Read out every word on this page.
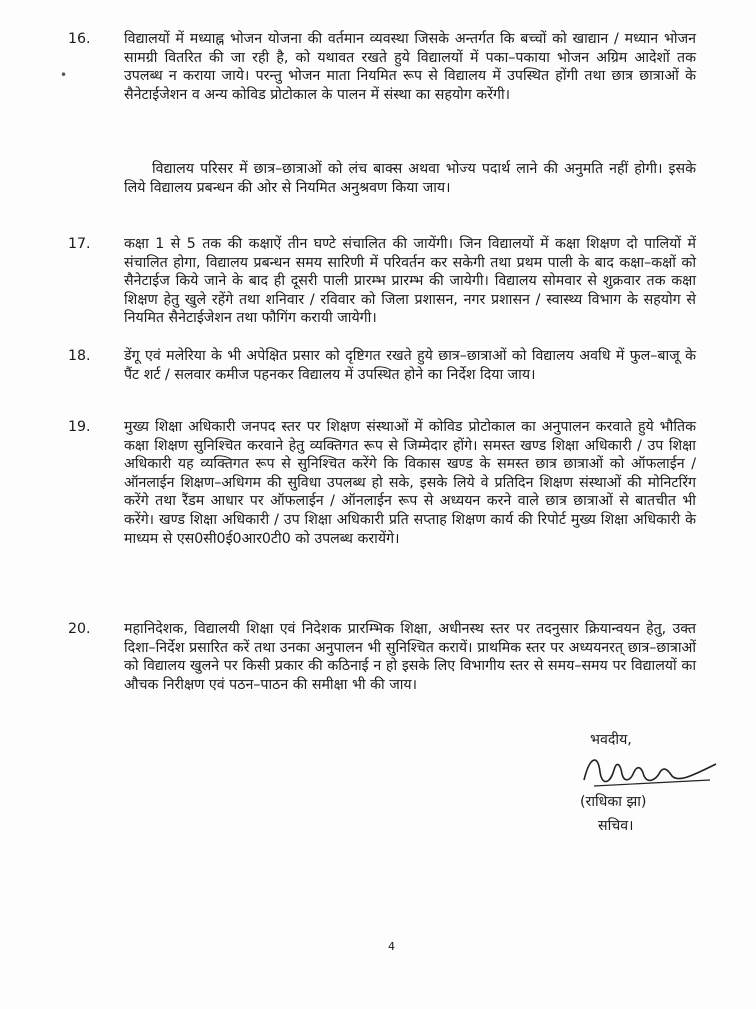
•

16. विद्यालयों में मध्याह्न भोजन योजना की वर्तमान व्यवस्था जिसके अन्तर्गत कि बच्चों को खाद्यान / मध्यान भोजन सामग्री वितरित की जा रही है, को यथावत रखते हुये विद्यालयों में पका–पकाया भोजन अग्रिम आदेशों तक उपलब्ध न कराया जाये। परन्तु भोजन माता नियमित रूप से विद्यालय में उपस्थित होंगी तथा छात्र छात्राओं के सैनेटाईजेशन व अन्य कोविड प्रोटोकाल के पालन में संस्था का सहयोग करेंगी।

विद्यालय परिसर में छात्र–छात्राओं को लंच बाक्स अथवा भोज्य पदार्थ लाने की अनुमति नहीं होगी। इसके लिये विद्यालय प्रबन्धन की ओर से नियमित अनुश्रवण किया जाय।

17. कक्षा 1 से 5 तक की कक्षाऐं तीन घण्टे संचालित की जायेंगी। जिन विद्यालयों में कक्षा शिक्षण दो पालियों में संचालित होगा, विद्यालय प्रबन्धन समय सारिणी में परिवर्तन कर सकेगी तथा प्रथम पाली के बाद कक्षा–कक्षों को सैनेटाईज किये जाने के बाद ही दूसरी पाली प्रारम्भ प्रारम्भ की जायेगी। विद्यालय सोमवार से शुक्रवार तक कक्षा शिक्षण हेतु खुले रहेंगे तथा शनिवार / रविवार को जिला प्रशासन, नगर प्रशासन / स्वास्थ्य विभाग के सहयोग से नियमित सैनेटाईजेशन तथा फौगिंग करायी जायेगी।

18. डेंगू एवं मलेरिया के भी अपेक्षित प्रसार को दृष्टिगत रखते हुये छात्र–छात्राओं को विद्यालय अवधि में फुल–बाजू के पैंट शर्ट / सलवार कमीज पहनकर विद्यालय में उपस्थित होने का निर्देश दिया जाय।

19. मुख्य शिक्षा अधिकारी जनपद स्तर पर शिक्षण संस्थाओं में कोविड प्रोटोकाल का अनुपालन करवाते हुये भौतिक कक्षा शिक्षण सुनिश्चित करवाने हेतु व्यक्तिगत रूप से जिम्मेदार होंगे। समस्त खण्ड शिक्षा अधिकारी / उप शिक्षा अधिकारी यह व्यक्तिगत रूप से सुनिश्चित करेंगे कि विकास खण्ड के समस्त छात्र छात्राओं को ऑफलाईन / ऑनलाईन शिक्षण–अधिगम की सुविधा उपलब्ध हो सके, इसके लिये वे प्रतिदिन शिक्षण संस्थाओं की मोनिटरिंग करेंगे तथा रैंडम आधार पर ऑफलाईन / ऑनलाईन रूप से अध्ययन करने वाले छात्र छात्राओं से बातचीत भी करेंगे। खण्ड शिक्षा अधिकारी / उप शिक्षा अधिकारी प्रति सप्ताह शिक्षण कार्य की रिपोर्ट मुख्य शिक्षा अधिकारी के माध्यम से एस0सी0ई0आर0टी0 को उपलब्ध करायेंगे।

20. महानिदेशक, विद्यालयी शिक्षा एवं निदेशक प्रारम्भिक शिक्षा, अधीनस्थ स्तर पर तदनुसार क्रियान्वयन हेतु, उक्त दिशा–निर्देश प्रसारित करें तथा उनका अनुपालन भी सुनिश्चित करायें। प्राथमिक स्तर पर अध्ययनरत् छात्र–छात्राओं को विद्यालय खुलने पर किसी प्रकार की कठिनाई न हो इसके लिए विभागीय स्तर से समय–समय पर विद्यालयों का औचक निरीक्षण एवं पठन–पाठन की समीक्षा भी की जाय।

भवदीय,
(राधिका झा)
सचिव।
4
